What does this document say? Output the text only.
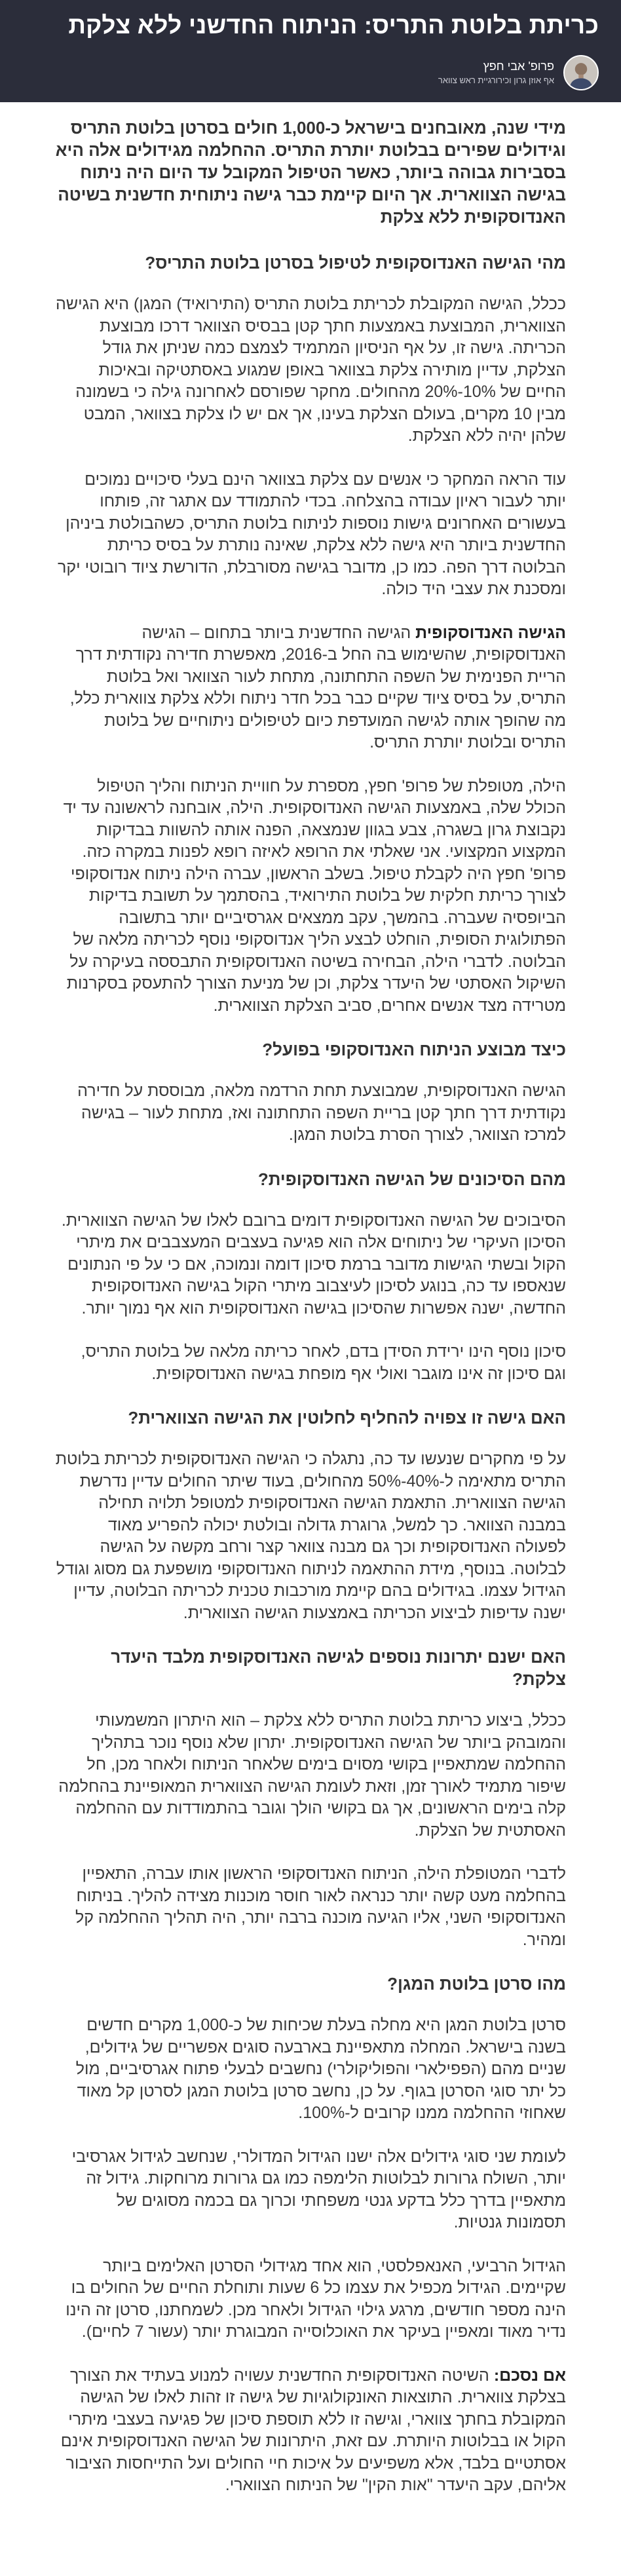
כריתת בלוטת התריס: הניתוח החדשני ללא צלקת
פרופ' אבי חפץ
אף אוזן גרון וכירורגיית ראש צוואר

מידי שנה, מאובחנים בישראל כ-1,000 חולים בסרטן בלוטת התריס וגידולים שפירים בבלוטת יותרת התריס. ההחלמה מגידולים אלה היא בסבירות גבוהה ביותר, כאשר הטיפול המקובל עד היום היה ניתוח בגישה הצווארית. אך היום קיימת כבר גישה ניתוחית חדשנית בשיטה האנדוסקופית ללא צלקת

מהי הגישה האנדוסקופית לטיפול בסרטן בלוטת התריס?

ככלל, הגישה המקובלת לכריתת בלוטת התריס (התירואיד) המגן) היא הגישה הצווארית, המבוצעת באמצעות חתך קטן בבסיס הצוואר דרכו מבוצעת הכריתה. גישה זו, על אף הניסיון המתמיד לצמצם כמה שניתן את גודל הצלקת, עדיין מותירה צלקת בצוואר באופן שמגוע באסתטיקה ובאיכות החיים של 10%-20% מהחולים. מחקר שפורסם לאחרונה גילה כי בשמונה מבין 10 מקרים, בעולם הצלקת בעינו, אך אם יש לו צלקת בצוואר, המבט שלהן יהיה ללא הצלקת.

עוד הראה המחקר כי אנשים עם צלקת בצוואר הינם בעלי סיכויים נמוכים יותר לעבור ראיון עבודה בהצלחה. בכדי להתמודד עם אתגר זה, פותחו בעשורים האחרונים גישות נוספות לניתוח בלוטת התריס, כשהבולטת ביניהן החדשנית ביותר היא גישה ללא צלקת, שאינה נותרת על בסיס כריתת הבלוטה דרך הפה. כמו כן, מדובר בגישה מסורבלת, הדורשת ציוד רובוטי יקר ומסכנת את עצבי היד כולה.

הגישה האנדוסקופית הגישה החדשנית ביותר בתחום – הגישה האנדוסקופית, שהשימוש בה החל ב-2016, מאפשרת חדירה נקודתית דרך הריית הפנימית של השפה התחתונה, מתחת לעור הצוואר ואל בלוטת התריס, על בסיס ציוד שקיים כבר בכל חדר ניתוח וללא צלקת צווארית כלל, מה שהופך אותה לגישה המועדפת כיום לטיפולים ניתוחיים של בלוטת התריס ובלוטת יותרת התריס.

הילה, מטופלת של פרופ' חפץ, מספרת על חוויית הניתוח והליך הטיפול הכולל שלה, באמצעות הגישה האנדוסקופית. הילה, אובחנה לראשונה עד יד נקבוצת גרון בשגרה, צבע בגוון שנמצאה, הפנה אותה להשוות בבדיקות המקצוע המקצועי. אני שאלתי את הרופא לאיזה רופא לפנות במקרה כזה. פרופ' חפץ היה לקבלת טיפול. בשלב הראשון, עברה הילה ניתוח אנדוסקופי לצורך כריתת חלקית של בלוטת התירואיד, בהסתמך על תשובת בדיקות הביופסיה שעברה. בהמשך, עקב ממצאים אגרסיביים יותר בתשובה הפתולוגית הסופית, הוחלט לבצע הליך אנדוסקופי נוסף לכריתה מלאה של הבלוטה. לדברי הילה, הבחירה בשיטה האנדוסקופית התבססה בעיקרה על השיקול האסתטי של היעדר צלקת, וכן של מניעת הצורך להתעסק בסקרנות מטרידה מצד אנשים אחרים, סביב הצלקת הצווארית.

כיצד מבוצע הניתוח האנדוסקופי בפועל?

הגישה האנדוסקופית, שמבוצעת תחת הרדמה מלאה, מבוססת על חדירה נקודתית דרך חתך קטן בריית השפה התחתונה ואז, מתחת לעור – בגישה למרכז הצוואר, לצורך הסרת בלוטת המגן.

מהם הסיכונים של הגישה האנדוסקופית?

הסיבוכים של הגישה האנדוסקופית דומים ברובם לאלו של הגישה הצווארית. הסיכון העיקרי של ניתוחים אלה הוא פגיעה בעצבים המעצבבים את מיתרי הקול ובשתי הגישות מדובר ברמת סיכון דומה ונמוכה, אם כי על פי הנתונים שנאספו עד כה, בנוגע לסיכון לעיצבוב מיתרי הקול בגישה האנדוסקופית החדשה, ישנה אפשרות שהסיכון בגישה האנדוסקופית הוא אף נמוך יותר.

סיכון נוסף הינו ירידת הסידן בדם, לאחר כריתה מלאה של בלוטת התריס, וגם סיכון זה אינו מוגבר ואולי אף מופחת בגישה האנדוסקופית.

האם גישה זו צפויה להחליף לחלוטין את הגישה הצווארית?

על פי מחקרים שנעשו עד כה, נתגלה כי הגישה האנדוסקופית לכריתת בלוטת התריס מתאימה ל-40%-50% מהחולים, בעוד שיתר החולים עדיין נדרשת הגישה הצווארית. התאמת הגישה האנדוסקופית למטופל תלויה תחילה במבנה הצוואר. כך למשל, גרוגרת גדולה ובולטת יכולה להפריע מאוד לפעולה האנדוסקופית וכך גם מבנה צוואר קצר ורחב מקשה על הגישה לבלוטה. בנוסף, מידת ההתאמה לניתוח האנדוסקופי מושפעת גם מסוג וגודל הגידול עצמו. בגידולים בהם קיימת מורכבות טכנית לכריתה הבלוטה, עדיין ישנה עדיפות לביצוע הכריתה באמצעות הגישה הצווארית.

האם ישנם יתרונות נוספים לגישה האנדוסקופית מלבד היעדר צלקת?

ככלל, ביצוע כריתת בלוטת התריס ללא צלקת – הוא היתרון המשמעותי והמובהק ביותר של הגישה האנדוסקופית. יתרון שלא נוסף נוכר בתהליך ההחלמה שמתאפיין בקושי מסוים בימים שלאחר הניתוח ולאחר מכן, חל שיפור מתמיד לאורך זמן, וזאת לעומת הגישה הצווארית המאופיינת בהחלמה קלה בימים הראשונים, אך גם בקושי הולך וגובר בהתמודדות עם ההחלמה האסתטית של הצלקת.

לדברי המטופלת הילה, הניתוח האנדוסקופי הראשון אותו עברה, התאפיין בהחלמה מעט קשה יותר כנראה לאור חוסר מוכנות מצידה להליך. בניתוח האנדוסקופי השני, אליו הגיעה מוכנה ברבה יותר, היה תהליך ההחלמה קל ומהיר.

מהו סרטן בלוטת המגן?

סרטן בלוטת המגן היא מחלה בעלת שכיחות של כ-1,000 מקרים חדשים בשנה בישראל. המחלה מתאפיינת בארבעה סוגים אפשריים של גידולים, שניים מהם (הפפילארי והפוליקולרי) נחשבים לבעלי פתוח אגרסיביים, מול כל יתר סוגי הסרטן בגוף. על כן, נחשב סרטן בלוטת המגן לסרטן קל מאוד שאחוזי ההחלמה ממנו קרובים ל-100%.

לעומת שני סוגי גידולים אלה ישנו הגידול המדולרי, שנחשב לגידול אגרסיבי יותר, השולח גרורות לבלוטות הלימפה כמו גם גרורות מרוחקות. גידול זה מתאפיין בדרך כלל בדקע גנטי משפחתי וכרוך גם בכמה מסוגים של תסמונות גנטיות.

הגידול הרביעי, האנאפלסטי, הוא אחד מגידולי הסרטן האלימים ביותר שקיימים. הגידול מכפיל את עצמו כל 6 שעות ותוחלת החיים של החולים בו הינה מספר חודשים, מרגע גילוי הגידול ולאחר מכן. לשמחתנו, סרטן זה הינו נדיר מאוד ומאפיין בעיקר את האוכלוסייה המבוגרת יותר (עשור 7 לחיים).

אם נסכם: השיטה האנדוסקופית החדשנית עשויה למנוע בעתיד את הצורך בצלקת צווארית. התוצאות האונקולוגיות של גישה זו זהות לאלו של הגישה המקובלת בחתך צווארי, וגישה זו ללא תוספת סיכון של פגיעה בעצבי מיתרי הקול או בבלוטות היותרת. עם זאת, היתרונות של הגישה האנדוסקופית אינם אסתטיים בלבד, אלא משפיעים על איכות חיי החולים ועל התייחסות הציבור אליהם, עקב היעדר "אות הקין" של הניתוח הצווארי.
